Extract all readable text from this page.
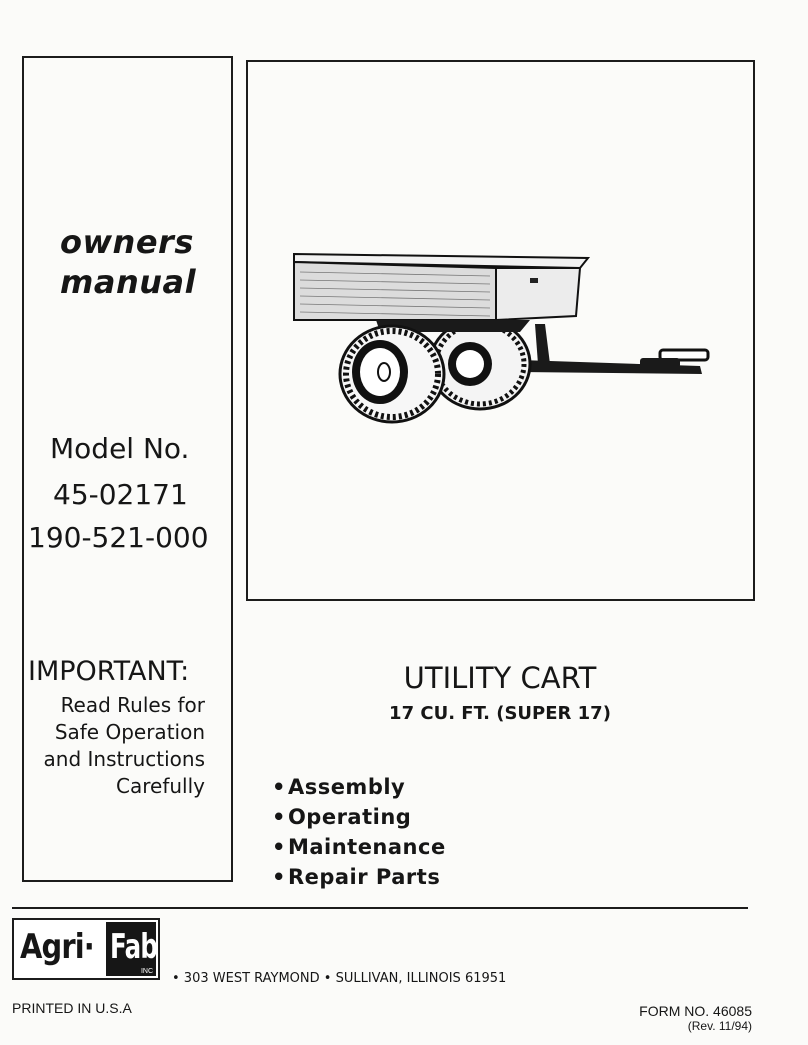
owners
manual
Model No.
45-02171
190-521-000
IMPORTANT:
Read Rules for
Safe Operation
and Instructions
Carefully
UTILITY CART
17 CU. FT. (SUPER 17)
• Assembly
• Operating
• Maintenance
• Repair Parts
Agri· Fab
INC • 303 WEST RAYMOND • SULLIVAN, ILLINOIS 61951
PRINTED IN U.S.A	FORM NO. 46085
(Rev. 11/94)
